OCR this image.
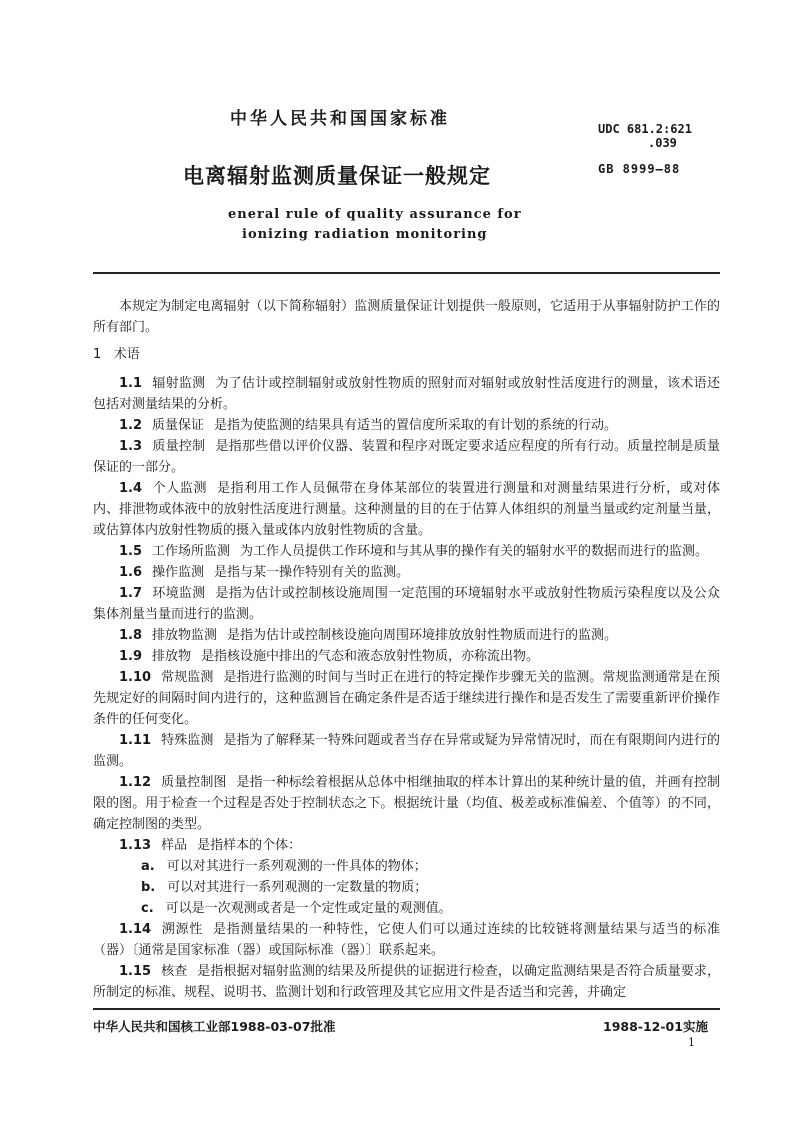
中华人民共和国国家标准	UDC 681.2:621
.039
电离辐射监测质量保证一般规定	GB 8999—88
eneral rule of quality assurance for
ionizing radiation monitoring

本规定为制定电离辐射（以下简称辐射）监测质量保证计划提供一般原则，它适用于从事辐射防护工作的所有部门。

1 术语

1.1 辐射监测 为了估计或控制辐射或放射性物质的照射而对辐射或放射性活度进行的测量，该术语还包括对测量结果的分析。

1.2 质量保证 是指为使监测的结果具有适当的置信度所采取的有计划的系统的行动。

1.3 质量控制 是指那些借以评价仪器、装置和程序对既定要求适应程度的所有行动。质量控制是质量保证的一部分。

1.4 个人监测 是指利用工作人员佩带在身体某部位的装置进行测量和对测量结果进行分析，或对体内、排泄物或体液中的放射性活度进行测量。这种测量的目的在于估算人体组织的剂量当量或约定剂量当量，或估算体内放射性物质的摄入量或体内放射性物质的含量。

1.5 工作场所监测 为工作人员提供工作环境和与其从事的操作有关的辐射水平的数据而进行的监测。

1.6 操作监测 是指与某一操作特别有关的监测。

1.7 环境监测 是指为估计或控制核设施周围一定范围的环境辐射水平或放射性物质污染程度以及公众集体剂量当量而进行的监测。

1.8 排放物监测 是指为估计或控制核设施向周围环境排放放射性物质而进行的监测。

1.9 排放物 是指核设施中排出的气态和液态放射性物质，亦称流出物。

1.10 常规监测 是指进行监测的时间与当时正在进行的特定操作步骤无关的监测。常规监测通常是在预先规定好的间隔时间内进行的，这种监测旨在确定条件是否适于继续进行操作和是否发生了需要重新评价操作条件的任何变化。

1.11 特殊监测 是指为了解释某一特殊问题或者当存在异常或疑为异常情况时，而在有限期间内进行的监测。

1.12 质量控制图 是指一种标绘着根据从总体中相继抽取的样本计算出的某种统计量的值，并画有控制限的图。用于检查一个过程是否处于控制状态之下。根据统计量（均值、极差或标准偏差、个值等）的不同，确定控制图的类型。

1.13 样品 是指样本的个体：

a. 可以对其进行一系列观测的一件具体的物体；

b. 可以对其进行一系列观测的一定数量的物质；

c. 可以是一次观测或者是一个定性或定量的观测值。

1.14 溯源性 是指测量结果的一种特性，它使人们可以通过连续的比较链将测量结果与适当的标准（器）〔通常是国家标准（器）或国际标准（器）〕联系起来。

1.15 核查 是指根据对辐射监测的结果及所提供的证据进行检查，以确定监测结果是否符合质量要求，所制定的标准、规程、说明书、监测计划和行政管理及其它应用文件是否适当和完善，并确定

中华人民共和国核工业部1988-03-07批准	1988-12-01实施
1
